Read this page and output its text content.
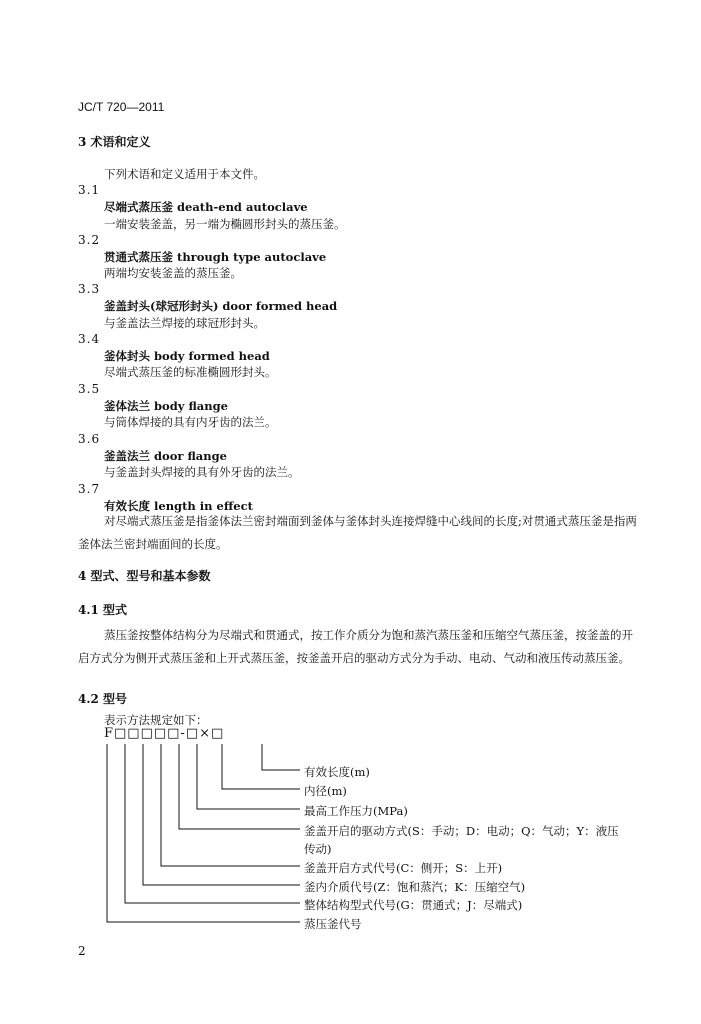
JC/T 720—2011
3 术语和定义
下列术语和定义适用于本文件。
3.1
尽端式蒸压釜 death-end autoclave
一端安装釜盖，另一端为椭圆形封头的蒸压釜。
3.2
贯通式蒸压釜 through type autoclave
两端均安装釜盖的蒸压釜。
3.3
釜盖封头(球冠形封头) door formed head
与釜盖法兰焊接的球冠形封头。
3.4
釜体封头 body formed head
尽端式蒸压釜的标准椭圆形封头。
3.5
釜体法兰 body flange
与筒体焊接的具有内牙齿的法兰。
3.6
釜盖法兰 door flange
与釜盖封头焊接的具有外牙齿的法兰。
3.7
有效长度 length in effect
对尽端式蒸压釜是指釜体法兰密封端面到釜体与釜体封头连接焊缝中心线间的长度;对贯通式蒸压釜是指两釜体法兰密封端面间的长度。
4 型式、型号和基本参数
4.1 型式
蒸压釜按整体结构分为尽端式和贯通式，按工作介质分为饱和蒸汽蒸压釜和压缩空气蒸压釜，按釜盖的开启方式分为侧开式蒸压釜和上开式蒸压釜，按釜盖开启的驱动方式分为手动、电动、气动和液压传动蒸压釜。
4.2 型号
表示方法规定如下：
F□□□□□-□×□
有效长度(m)
内径(m)
最高工作压力(MPa)
釜盖开启的驱动方式(S：手动；D：电动；Q：气动；Y：液压
传动)
釜盖开启方式代号(C：侧开；S：上开)
釜内介质代号(Z：饱和蒸汽；K：压缩空气)
整体结构型式代号(G：贯通式；J：尽端式)
蒸压釜代号
2
